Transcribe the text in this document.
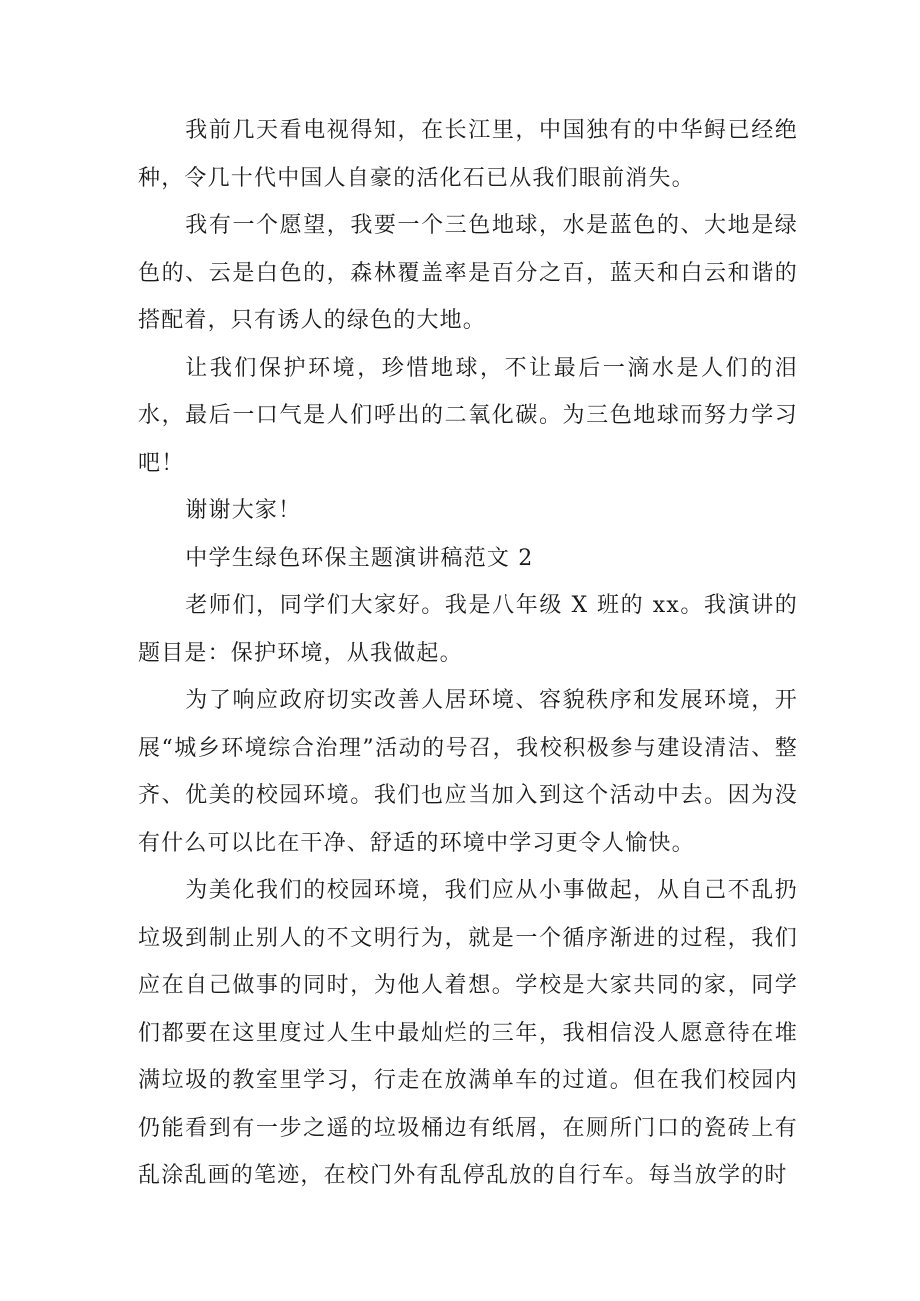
我前几天看电视得知，在长江里，中国独有的中华鲟已经绝种，令几十代中国人自豪的活化石已从我们眼前消失。

我有一个愿望，我要一个三色地球，水是蓝色的、大地是绿色的、云是白色的，森林覆盖率是百分之百，蓝天和白云和谐的搭配着，只有诱人的绿色的大地。

让我们保护环境，珍惜地球，不让最后一滴水是人们的泪水，最后一口气是人们呼出的二氧化碳。为三色地球而努力学习吧！

谢谢大家！

中学生绿色环保主题演讲稿范文 2

老师们，同学们大家好。我是八年级 X 班的 xx。我演讲的题目是：保护环境，从我做起。

为了响应政府切实改善人居环境、容貌秩序和发展环境，开展“城乡环境综合治理”活动的号召，我校积极参与建设清洁、整齐、优美的校园环境。我们也应当加入到这个活动中去。因为没有什么可以比在干净、舒适的环境中学习更令人愉快。

为美化我们的校园环境，我们应从小事做起，从自己不乱扔垃圾到制止别人的不文明行为，就是一个循序渐进的过程，我们应在自己做事的同时，为他人着想。学校是大家共同的家，同学们都要在这里度过人生中最灿烂的三年，我相信没人愿意待在堆满垃圾的教室里学习，行走在放满单车的过道。但在我们校园内仍能看到有一步之遥的垃圾桶边有纸屑，在厕所门口的瓷砖上有乱涂乱画的笔迹，在校门外有乱停乱放的自行车。每当放学的时
